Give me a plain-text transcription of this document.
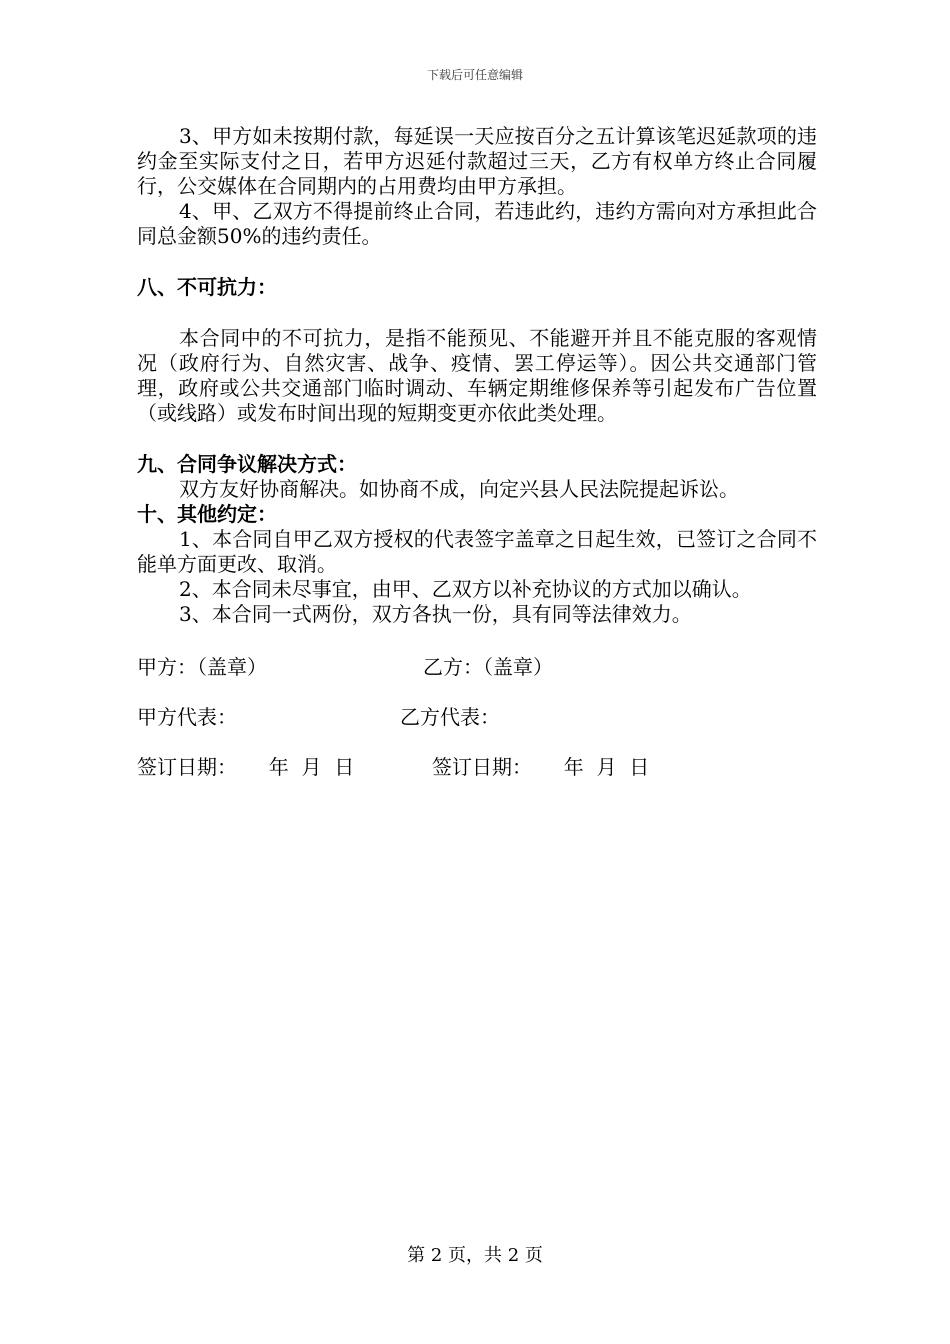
下载后可任意编辑

3、甲方如未按期付款，每延误一天应按百分之五计算该笔迟延款项的违约金至实际支付之日，若甲方迟延付款超过三天，乙方有权单方终止合同履行，公交媒体在合同期内的占用费均由甲方承担。

4、甲、乙双方不得提前终止合同，若违此约，违约方需向对方承担此合同总金额50%的违约责任。

八、不可抗力：

本合同中的不可抗力，是指不能预见、不能避开并且不能克服的客观情况（政府行为、自然灾害、战争、疫情、罢工停运等）。因公共交通部门管理，政府或公共交通部门临时调动、车辆定期维修保养等引起发布广告位置（或线路）或发布时间出现的短期变更亦依此类处理。

九、合同争议解决方式：

双方友好协商解决。如协商不成，向定兴县人民法院提起诉讼。

十、其他约定：

1、本合同自甲乙双方授权的代表签字盖章之日起生效，已签订之合同不能单方面更改、取消。

2、本合同未尽事宜，由甲、乙双方以补充协议的方式加以确认。

3、本合同一式两份，双方各执一份，具有同等法律效力。

甲方：（盖章）	乙方：（盖章）
甲方代表：	乙方代表：
签订日期：     年  月  日	签订日期：     年  月  日
第 2 页，共 2 页
